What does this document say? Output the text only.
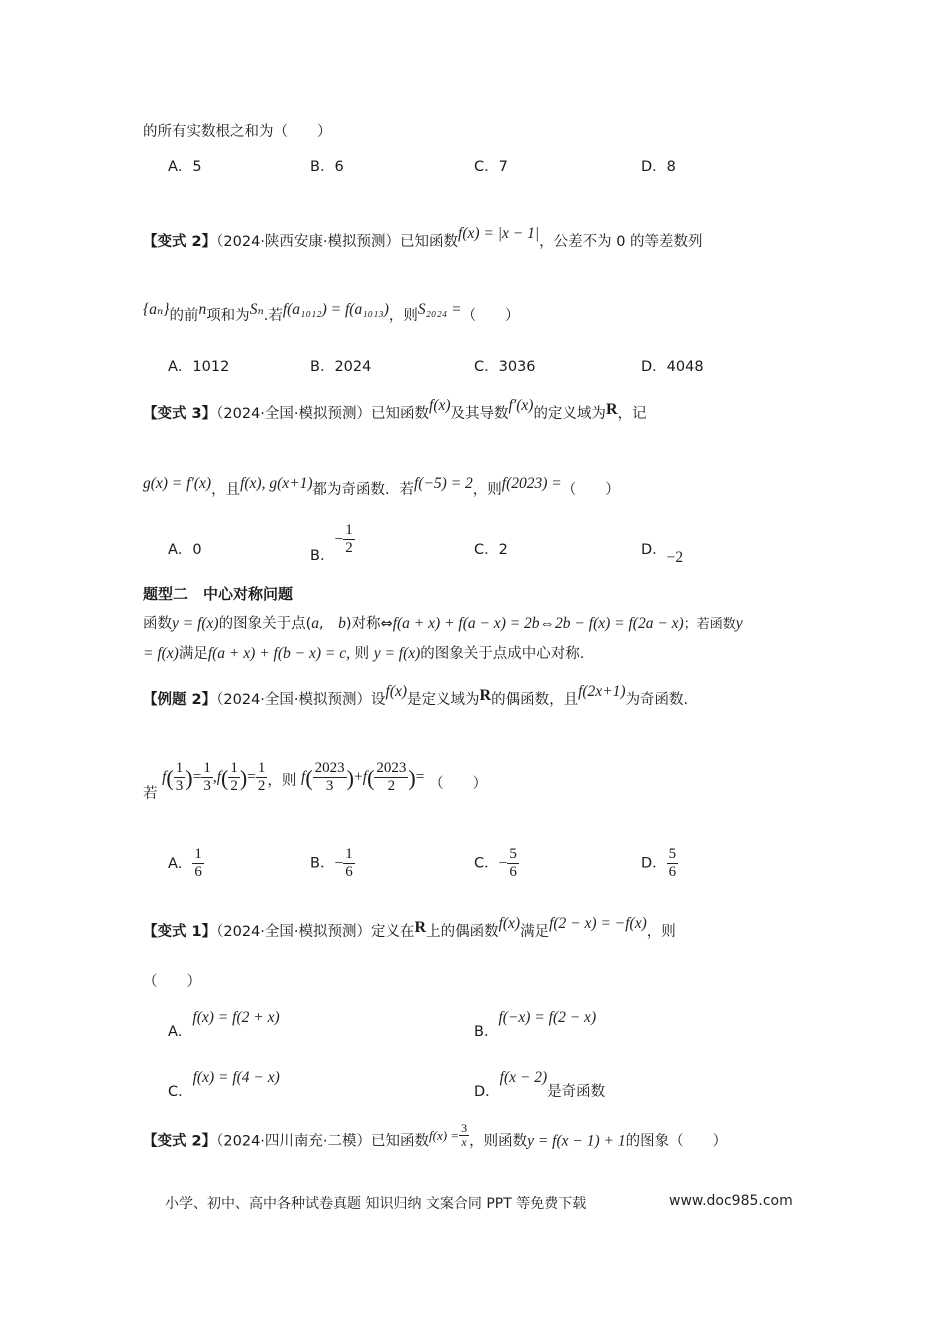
的所有实数根之和为（　　）
A．5	B．6	C．7	D．8
【变式 2】（2024·陕西安康·模拟预测）已知函数f(x) = |x − 1|，公差不为 0 的等差数列
{aₙ}的前n项和为Sₙ.若f(a₁₀₁₂) = f(a₁₀₁₃)，则S₂₀₂₄ =（　　）
A．1012	B．2024	C．3036	D．4048
【变式 3】（2024·全国·模拟预测）已知函数f(x)及其导数f′(x)的定义域为R，记
g(x) = f′(x)，且f(x), g(x+1)都为奇函数．若f(−5) = 2，则f(2023) =（　　）
A．0	B．− $\frac{1}{2}$	C．2	D．−2
题型二　中心对称问题
函数y = f(x)的图象关于点(a,　b)对称⇔f(a + x) + f(a − x) = 2b⇔2b − f(x) = f(2a − x)；若函数y
= f(x)满足f(a + x) + f(b − x) = c, 则 y = f(x)的图象关于点成中心对称.
【例题 2】（2024·全国·模拟预测）设f(x)是定义域为R的偶函数，且f(2x+1)为奇函数.
若 $f( \frac{1}{3}$ )= $\frac{1}{3} ,f( \frac{1}{2}$ )= $\frac{1}{2}$ ，则 $f( \frac{2023}{3} )+f( \frac{2023}{2}$ )= （　　）
A． $\frac{1}{6}$	B．− $\frac{1}{6}$	C．− $\frac{5}{6}$	D． $\frac{5}{6}$
【变式 1】（2024·全国·模拟预测）定义在R上的偶函数f(x)满足f(2 − x) = −f(x)，则
（　　）
A．f(x) = f(2 + x)
B．f(−x) = f(2 − x)
C．f(x) = f(4 − x)
D．f(x − 2)是奇函数
【变式 2】（2024·四川南充·二模）已知函数$f(x) = \frac{3}{x}$ ，则函数y = f(x − 1) + 1的图象（　　）
小学、初中、高中各种试卷真题 知识归纳 文案合同 PPT 等免费下载	www.doc985.com
